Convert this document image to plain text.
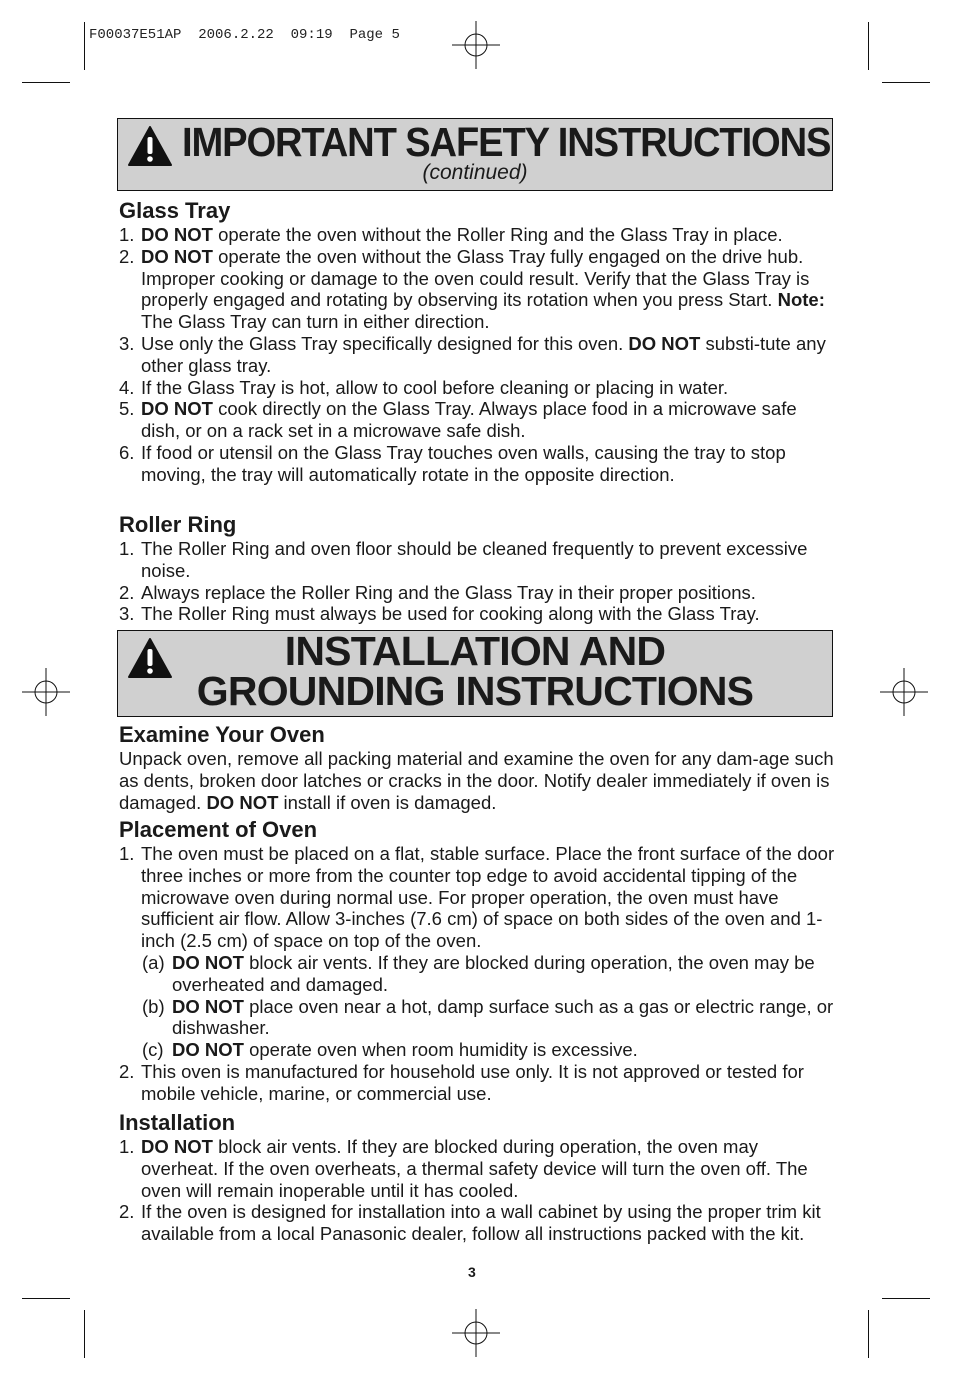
F00037E51AP  2006.2.22  09:19  Page 5
IMPORTANT SAFETY INSTRUCTIONS
(continued)
Glass Tray
1. DO NOT operate the oven without the Roller Ring and the Glass Tray in place.
2. DO NOT operate the oven without the Glass Tray fully engaged on the drive hub. Improper cooking or damage to the oven could result. Verify that the Glass Tray is properly engaged and rotating by observing its rotation when you press Start. Note: The Glass Tray can turn in either direction.
3. Use only the Glass Tray specifically designed for this oven. DO NOT substi-tute any other glass tray.
4. If the Glass Tray is hot, allow to cool before cleaning or placing in water.
5. DO NOT cook directly on the Glass Tray. Always place food in a microwave safe dish, or on a rack set in a microwave safe dish.
6. If food or utensil on the Glass Tray touches oven walls, causing the tray to stop moving, the tray will automatically rotate in the opposite direction.
Roller Ring
1. The Roller Ring and oven floor should be cleaned frequently to prevent excessive noise.
2. Always replace the Roller Ring and the Glass Tray in their proper positions.
3. The Roller Ring must always be used for cooking along with the Glass Tray.
INSTALLATION AND
GROUNDING INSTRUCTIONS
Examine Your Oven

Unpack oven, remove all packing material and examine the oven for any dam-age such as dents, broken door latches or cracks in the door. Notify dealer immediately if oven is damaged. DO NOT install if oven is damaged.

Placement of Oven
1. The oven must be placed on a flat, stable surface. Place the front surface of the door three inches or more from the counter top edge to avoid accidental tipping of the microwave oven during normal use. For proper operation, the oven must have sufficient air flow. Allow 3-inches (7.6 cm) of space on both sides of the oven and 1-inch (2.5 cm) of space on top of the oven.
(a) DO NOT block air vents. If they are blocked during operation, the oven may be overheated and damaged.
(b) DO NOT place oven near a hot, damp surface such as a gas or electric range, or dishwasher.
(c) DO NOT operate oven when room humidity is excessive.
2. This oven is manufactured for household use only. It is not approved or tested for mobile vehicle, marine, or commercial use.
Installation
1. DO NOT block air vents. If they are blocked during operation, the oven may overheat. If the oven overheats, a thermal safety device will turn the oven off. The oven will remain inoperable until it has cooled.
2. If the oven is designed for installation into a wall cabinet by using the proper trim kit available from a local Panasonic dealer, follow all instructions packed with the kit.
3
